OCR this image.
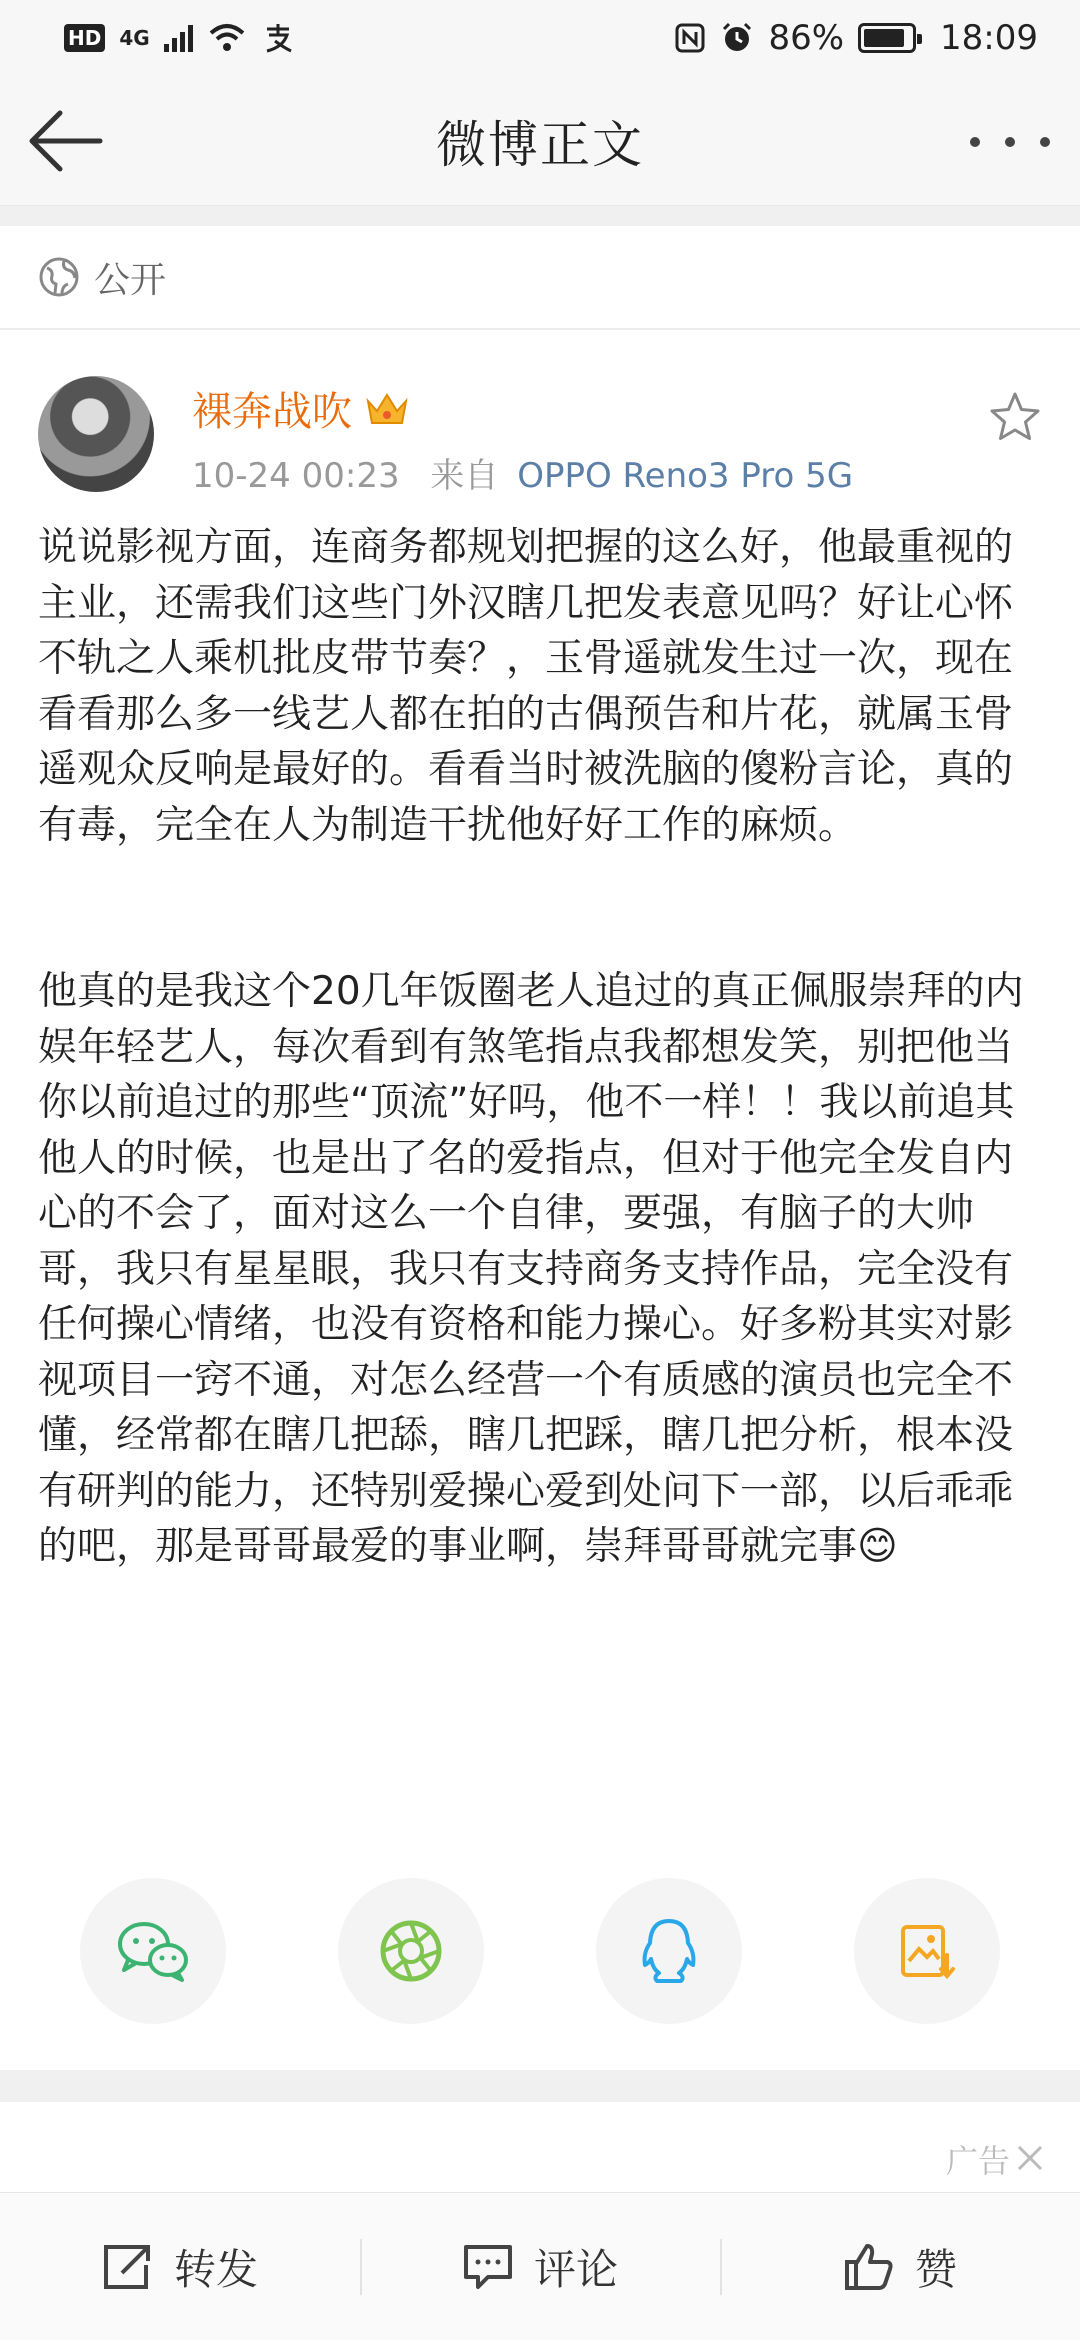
HD 4G	86%	18:09
微博正文
公开
裸奔战吹
10-24 00:23 来自 OPPO Reno3 Pro 5G

说说影视方面，连商务都规划把握的这么好，他最重视的主业，还需我们这些门外汉瞎几把发表意见吗？好让心怀不轨之人乘机批皮带节奏？，玉骨遥就发生过一次，现在看看那么多一线艺人都在拍的古偶预告和片花，就属玉骨遥观众反响是最好的。看看当时被洗脑的傻粉言论，真的有毒，完全在人为制造干扰他好好工作的麻烦。

他真的是我这个20几年饭圈老人追过的真正佩服崇拜的内娱年轻艺人，每次看到有煞笔指点我都想发笑，别把他当你以前追过的那些“顶流”好吗，他不一样！！我以前追其他人的时候，也是出了名的爱指点，但对于他完全发自内心的不会了，面对这么一个自律，要强，有脑子的大帅哥，我只有星星眼，我只有支持商务支持作品，完全没有任何操心情绪，也没有资格和能力操心。好多粉其实对影视项目一窍不通，对怎么经营一个有质感的演员也完全不懂，经常都在瞎几把舔，瞎几把踩，瞎几把分析，根本没有研判的能力，还特别爱操心爱到处问下一部，以后乖乖的吧，那是哥哥最爱的事业啊，崇拜哥哥就完事😊

广告
转发	评论	赞
